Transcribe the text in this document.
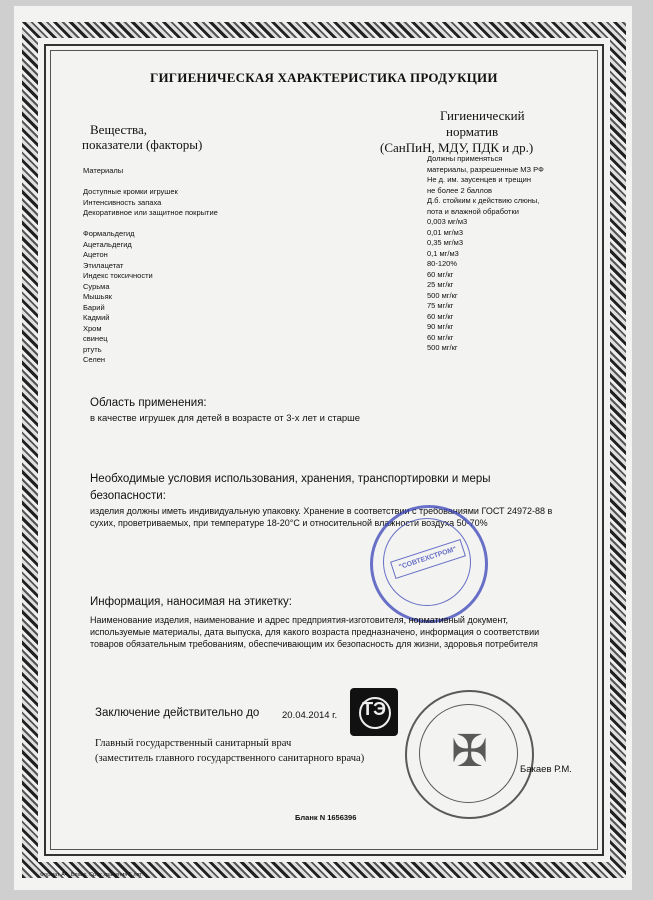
ГИГИЕНИЧЕСКАЯ ХАРАКТЕРИСТИКА ПРОДУКЦИИ
Вещества,
показатели (факторы)
Гигиенический
норматив
(СанПиН, МДУ, ПДК и др.)
Материалы
Доступные кромки игрушек
Интенсивность запаха
Декоративное или защитное покрытие
Формальдегид
Ацетальдегид
Ацетон
Этилацетат
Индекс токсичности
Сурьма
Мышьяк
Барий
Кадмий
Хром
свинец
ртуть
Селен
Должны применяться
материалы, разрешенные МЗ РФ
Не д. им. заусенцев и трещин
не более 2 баллов
Д.б. стойким к действию слюны,
пота и влажной обработки
0,003 мг/м3
0,01 мг/м3
0,35 мг/м3
0,1 мг/м3
80-120%
60 мг/кг
25 мг/кг
500 мг/кг
75 мг/кг
60 мг/кг
90 мг/кг
60 мг/кг
500 мг/кг
Область применения:
в качестве игрушек для детей в возрасте от 3-х лет и старше
Необходимые условия использования, хранения, транспортировки и меры
безопасности:
изделия должны иметь индивидуальную упаковку. Хранение в соответствии с требованиями ГОСТ 24972-88 в сухих, проветриваемых, при температуре 18-20°С и относительной влажности воздуха 50-70%
"СОВТЕХСТРОМ"
Информация, наносимая на этикетку:
Наименование изделия, наименование и адрес предприятия-изготовителя, нормативный документ, используемые материалы, дата выпуска, для какого возраста предназначено, информация о соответствии товаров обязательным требованиям, обеспечивающим их безопасность для жизни, здоровья потребителя
ТЭ
Заключение действительно до 20.04.2014 г.
Главный государственный санитарный врач
(заместитель главного государственного санитарного врача) ✠	Бакаев Р.М.
Бланк N 1656396
Формат А4. Бланк. Срок хранения 5 лет.
